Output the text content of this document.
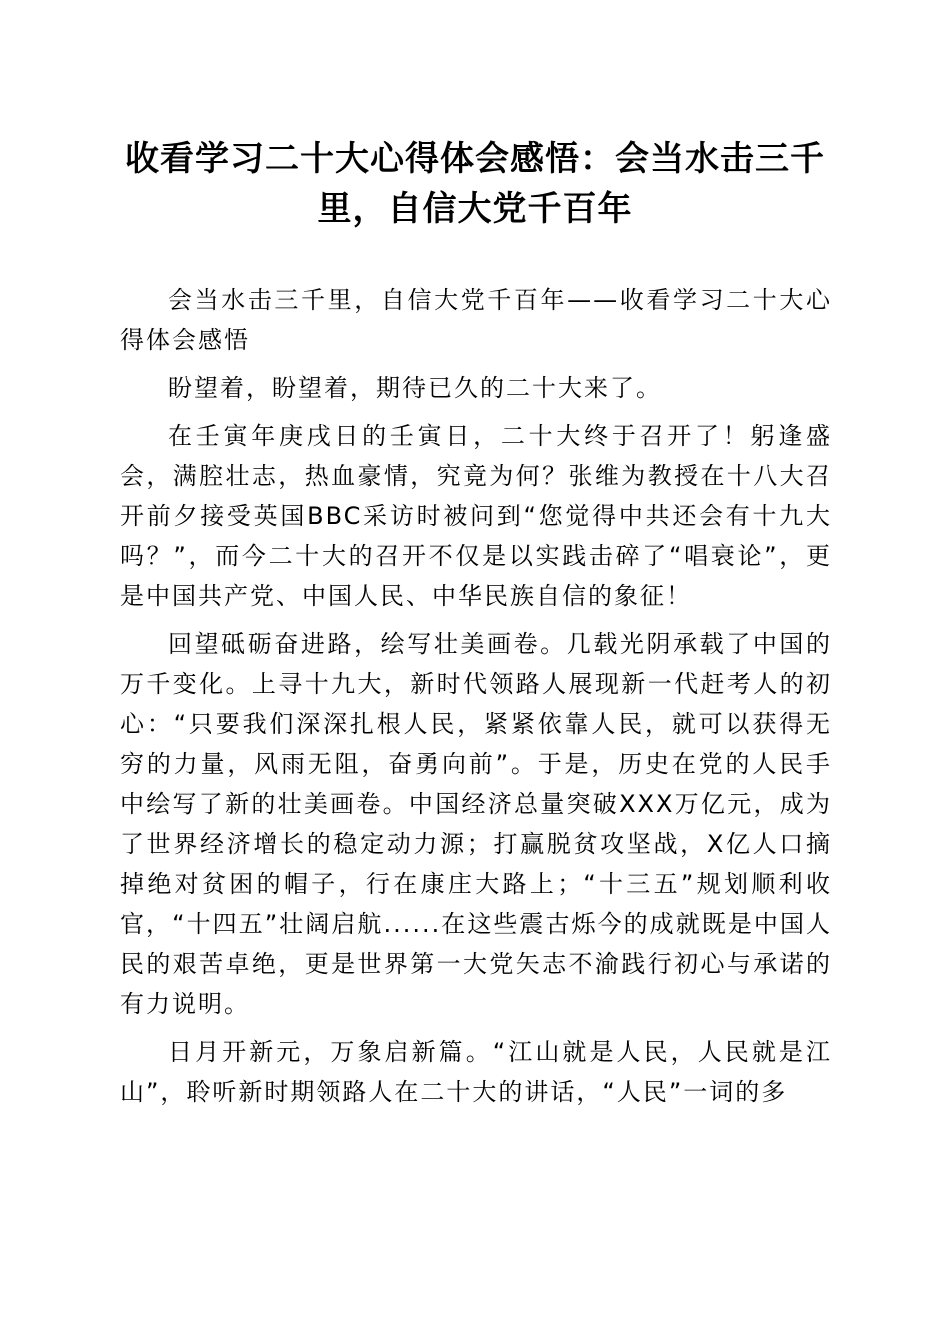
收看学习二十大心得体会感悟：会当水击三千里，自信大党千百年

会当水击三千里，自信大党千百年——收看学习二十大心得体会感悟

盼望着，盼望着，期待已久的二十大来了。

在壬寅年庚戌日的壬寅日，二十大终于召开了！躬逢盛会，满腔壮志，热血豪情，究竟为何？张维为教授在十八大召开前夕接受英国BBC采访时被问到“您觉得中共还会有十九大吗？”，而今二十大的召开不仅是以实践击碎了“唱衰论”，更是中国共产党、中国人民、中华民族自信的象征！

回望砥砺奋进路，绘写壮美画卷。几载光阴承载了中国的万千变化。上寻十九大，新时代领路人展现新一代赶考人的初心：“只要我们深深扎根人民，紧紧依靠人民，就可以获得无穷的力量，风雨无阻，奋勇向前”。于是，历史在党的人民手中绘写了新的壮美画卷。中国经济总量突破XXX万亿元，成为了世界经济增长的稳定动力源；打赢脱贫攻坚战，X亿人口摘掉绝对贫困的帽子，行在康庄大路上；“十三五”规划顺利收官，“十四五”壮阔启航......在这些震古烁今的成就既是中国人民的艰苦卓绝，更是世界第一大党矢志不渝践行初心与承诺的有力说明。

日月开新元，万象启新篇。“江山就是人民，人民就是江山”，聆听新时期领路人在二十大的讲话，“人民”一词的多
